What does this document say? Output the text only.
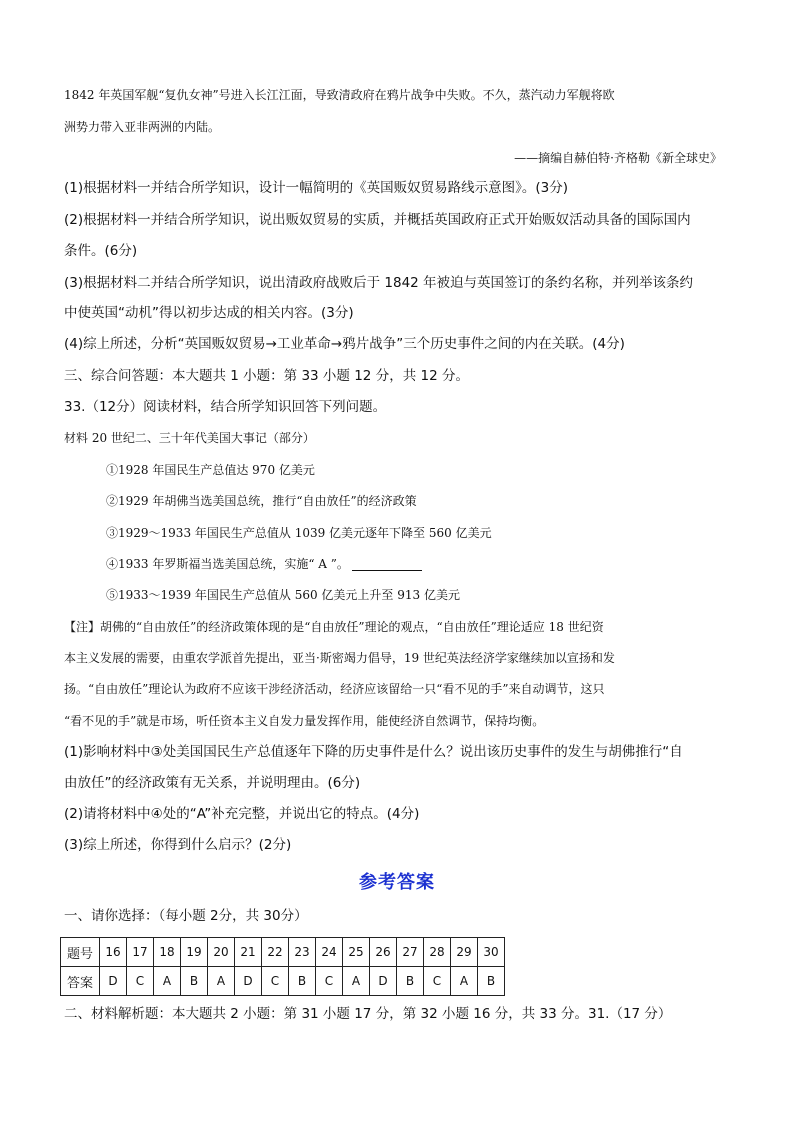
1842 年英国军舰“复仇女神”号进入长江江面，导致清政府在鸦片战争中失败。不久，蒸汽动力军舰将欧
洲势力带入亚非两洲的内陆。
——摘编自赫伯特·齐格勒《新全球史》
(1)根据材料一并结合所学知识，设计一幅简明的《英国贩奴贸易路线示意图》。(3分)
(2)根据材料一并结合所学知识，说出贩奴贸易的实质，并概括英国政府正式开始贩奴活动具备的国际国内
条件。(6分)
(3)根据材料二并结合所学知识，说出清政府战败后于 1842 年被迫与英国签订的条约名称，并列举该条约
中使英国“动机”得以初步达成的相关内容。(3分)
(4)综上所述，分析“英国贩奴贸易→工业革命→鸦片战争”三个历史事件之间的内在关联。(4分)
三、综合问答题：本大题共 1 小题：第 33 小题 12 分，共 12 分。
33.（12分）阅读材料，结合所学知识回答下列问题。
材料 20 世纪二、三十年代美国大事记（部分）
①1928 年国民生产总值达 970 亿美元
②1929 年胡佛当选美国总统，推行“自由放任”的经济政策
③1929～1933 年国民生产总值从 1039 亿美元逐年下降至 560 亿美元
④1933 年罗斯福当选美国总统，实施“ A ”。
⑤1933～1939 年国民生产总值从 560 亿美元上升至 913 亿美元
【注】胡佛的“自由放任”的经济政策体现的是“自由放任”理论的观点，“自由放任”理论适应 18 世纪资
本主义发展的需要，由重农学派首先提出，亚当·斯密竭力倡导，19 世纪英法经济学家继续加以宣扬和发
扬。“自由放任”理论认为政府不应该干涉经济活动，经济应该留给一只“看不见的手”来自动调节，这只
“看不见的手”就是市场，听任资本主义自发力量发挥作用，能使经济自然调节，保持均衡。
(1)影响材料中③处美国国民生产总值逐年下降的历史事件是什么？说出该历史事件的发生与胡佛推行“自
由放任”的经济政策有无关系，并说明理由。(6分)
(2)请将材料中④处的“A”补充完整，并说出它的特点。(4分)
(3)综上所述，你得到什么启示？(2分)
参考答案
一、请你选择：（每小题 2分，共 30分）
题号	16	17	18	19	20	21	22	23	24	25	26	27	28	29	30
答案	D	C	A	B	A	D	C	B	C	A	D	B	C	A	B
二、材料解析题：本大题共 2 小题：第 31 小题 17 分，第 32 小题 16 分，共 33 分。31.（17 分）
